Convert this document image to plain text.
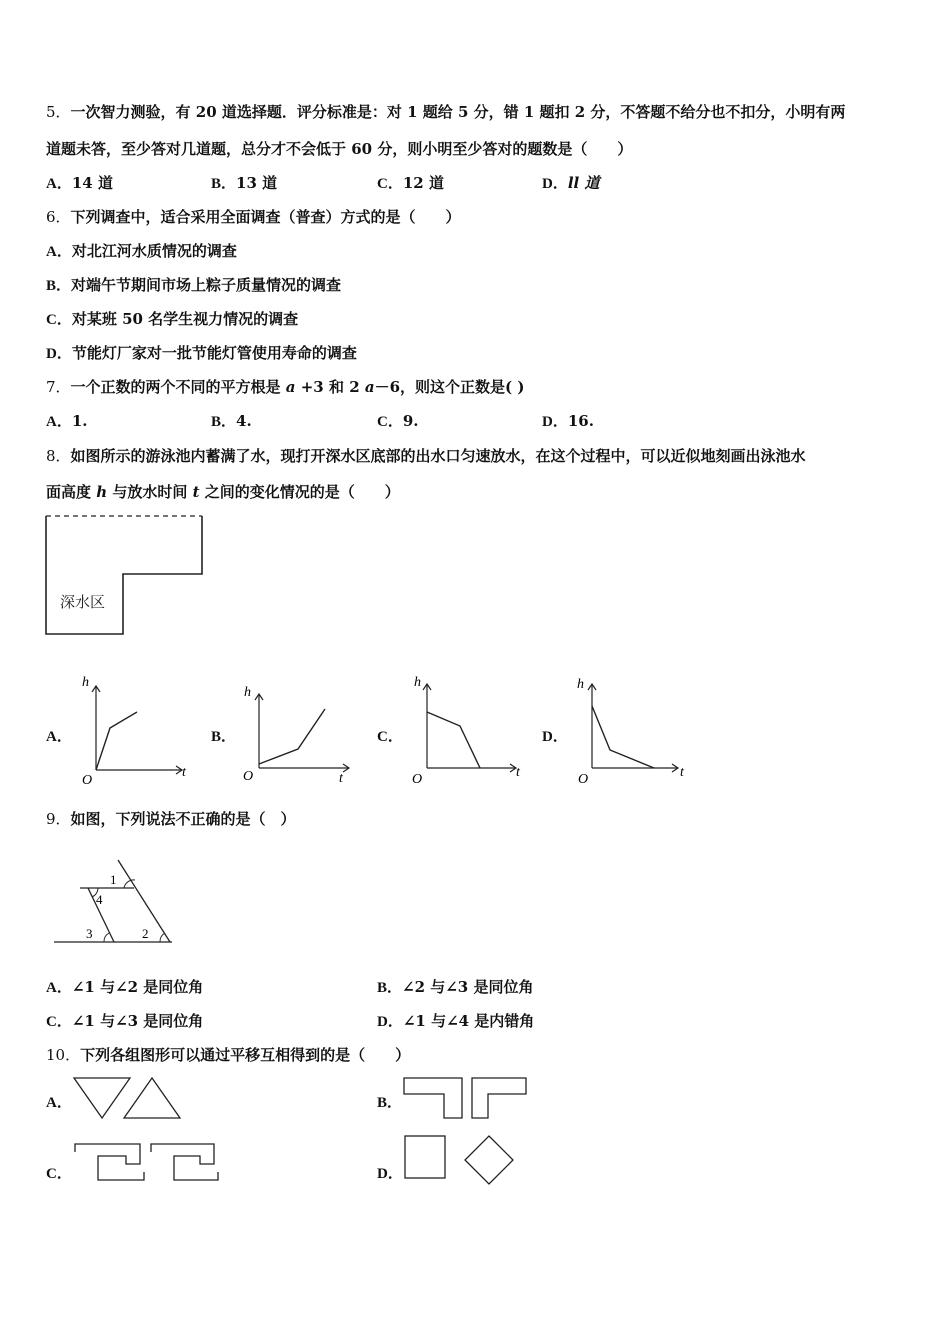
5．一次智力测验，有 20 道选择题．评分标准是：对 1 题给 5 分，错 1 题扣 2 分，不答题不给分也不扣分，小明有两
道题未答，至少答对几道题，总分才不会低于 60 分，则小明至少答对的题数是（　　）
A．14 道	B．13 道	C．12 道	D．ll 道
6．下列调查中，适合采用全面调查（普查）方式的是（　　）
A．对北江河水质情况的调查
B．对端午节期间市场上粽子质量情况的调查
C．对某班 50 名学生视力情况的调查
D．节能灯厂家对一批节能灯管使用寿命的调查
7．一个正数的两个不同的平方根是 a +3 和 2 a－6，则这个正数是( )
A．1.	B．4.	C．9.	D．16.
8．如图所示的游泳池内蓄满了水，现打开深水区底部的出水口匀速放水，在这个过程中，可以近似地刻画出泳池水
面高度 h 与放水时间 t 之间的变化情况的是（　　）
深水区
A．	B．	C．	D．
h
t
O
h
t
O
h
t
O
h
t
O
9．如图，下列说法不正确的是（　）
1
2
3
4
A．∠1 与∠2 是同位角	B．∠2 与∠3 是同位角
C．∠1 与∠3 是同位角	D．∠1 与∠4 是内错角
10．下列各组图形可以通过平移互相得到的是（　　）
A．	B．
C．	D．
